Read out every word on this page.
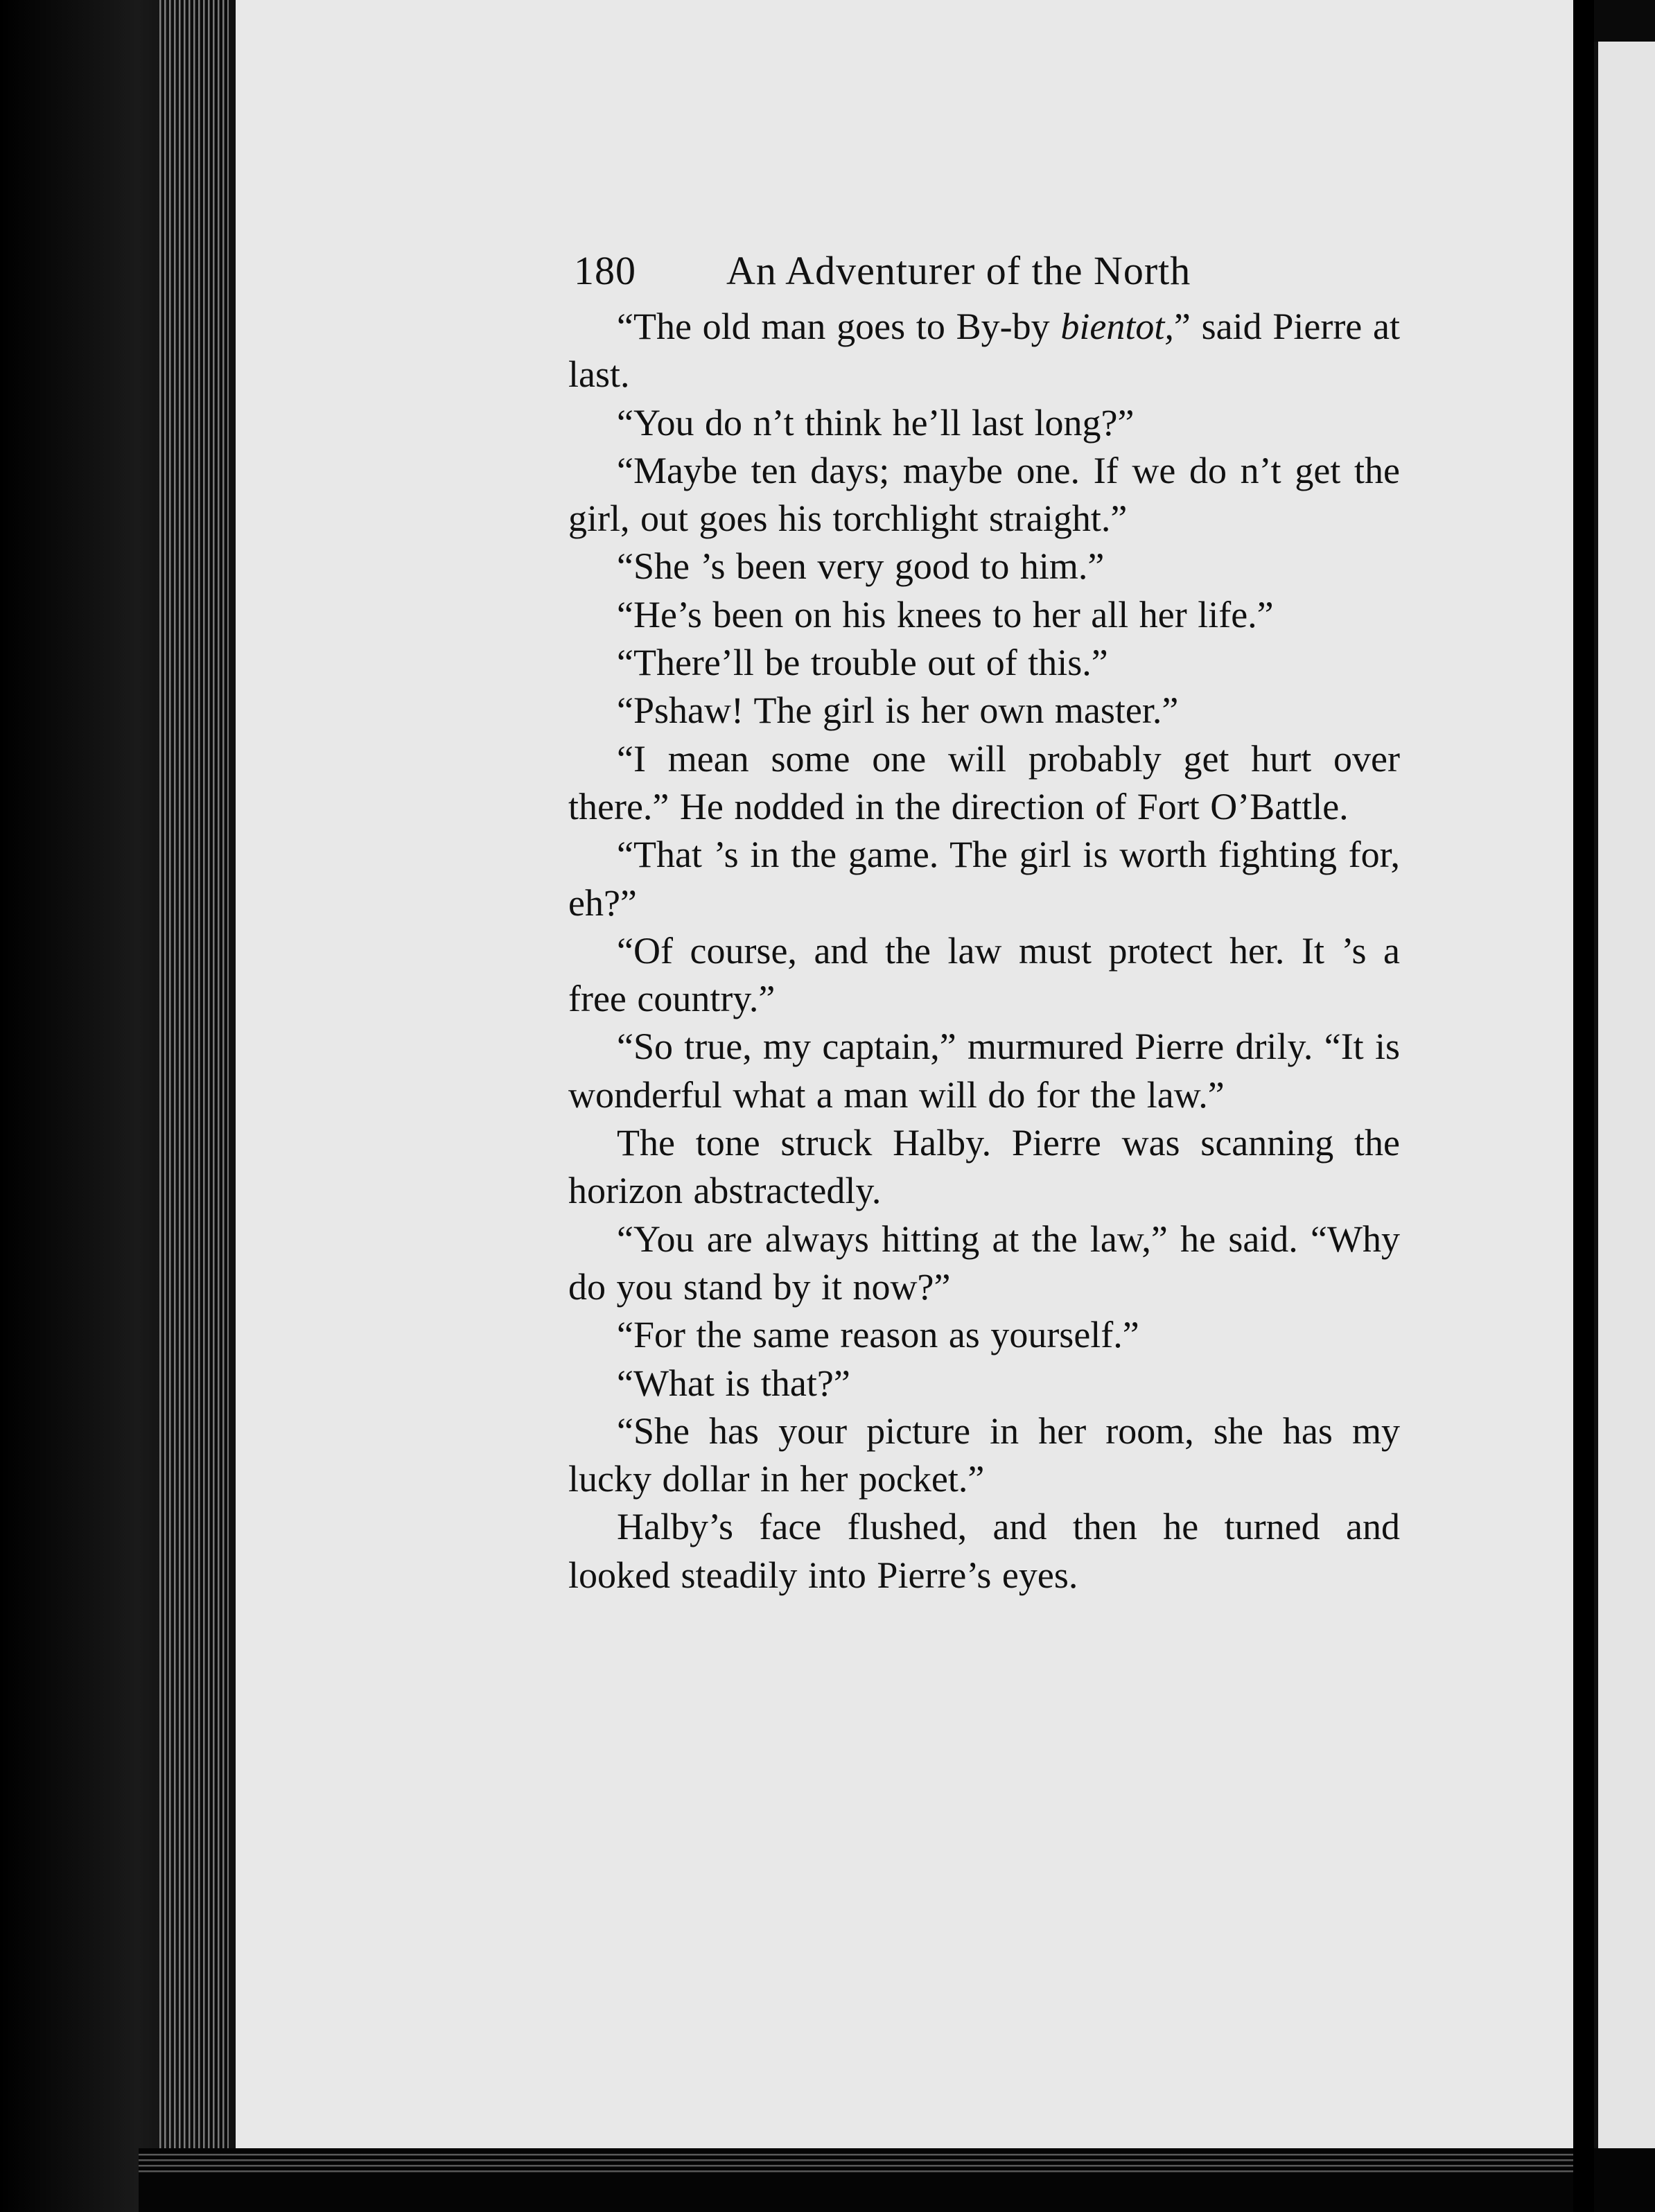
180	An Adventurer of the North

“The old man goes to By-by bientot,” said Pierre at last.

“You do n’t think he’ll last long?”

“Maybe ten days; maybe one. If we do n’t get the girl, out goes his torchlight straight.”

“She ’s been very good to him.”

“He’s been on his knees to her all her life.”

“There’ll be trouble out of this.”

“Pshaw! The girl is her own master.”

“I mean some one will probably get hurt over there.” He nodded in the direction of Fort O’Battle.

“That ’s in the game. The girl is worth fighting for, eh?”

“Of course, and the law must protect her. It ’s a free country.”

“So true, my captain,” murmured Pierre drily. “It is wonderful what a man will do for the law.”

The tone struck Halby. Pierre was scanning the horizon abstractedly.

“You are always hitting at the law,” he said. “Why do you stand by it now?”

“For the same reason as yourself.”

“What is that?”

“She has your picture in her room, she has my lucky dollar in her pocket.”

Halby’s face flushed, and then he turned and looked steadily into Pierre’s eyes.
